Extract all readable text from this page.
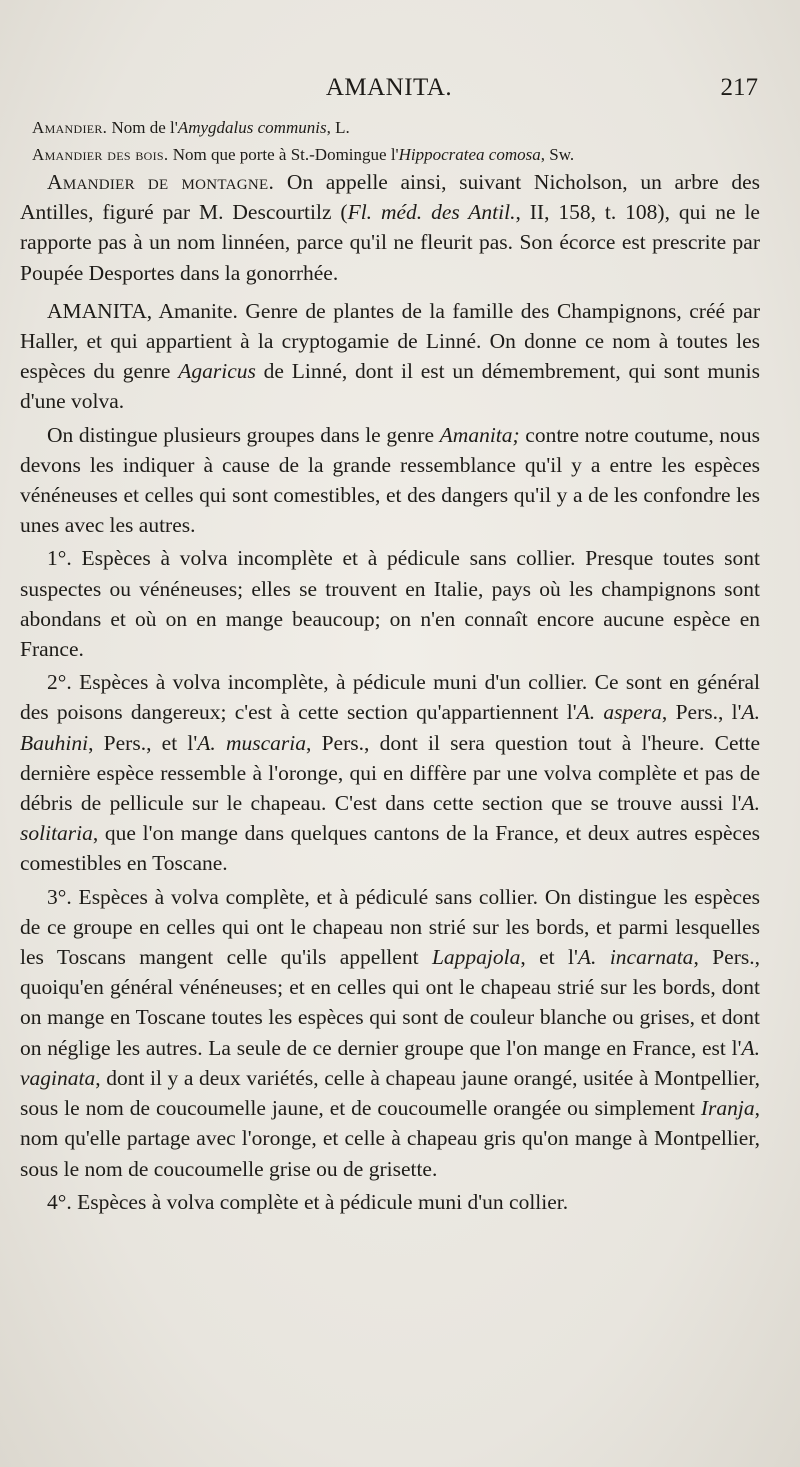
AMANITA.	217
Amandier. Nom de l'Amygdalus communis, L.
Amandier des bois. Nom que porte à St.-Domingue l'Hippocratea comosa, Sw.

Amandier de montagne. On appelle ainsi, suivant Nicholson, un arbre des Antilles, figuré par M. Descourtilz (Fl. méd. des Antil., II, 158, t. 108), qui ne le rapporte pas à un nom linnéen, parce qu'il ne fleurit pas. Son écorce est prescrite par Poupée Desportes dans la gonorrhée.

AMANITA, Amanite. Genre de plantes de la famille des Champignons, créé par Haller, et qui appartient à la cryptogamie de Linné. On donne ce nom à toutes les espèces du genre Agaricus de Linné, dont il est un démembrement, qui sont munis d'une volva.

On distingue plusieurs groupes dans le genre Amanita; contre notre coutume, nous devons les indiquer à cause de la grande ressemblance qu'il y a entre les espèces vénéneuses et celles qui sont comestibles, et des dangers qu'il y a de les confondre les unes avec les autres.

1°. Espèces à volva incomplète et à pédicule sans collier. Presque toutes sont suspectes ou vénéneuses; elles se trouvent en Italie, pays où les champignons sont abondans et où on en mange beaucoup; on n'en connaît encore aucune espèce en France.

2°. Espèces à volva incomplète, à pédicule muni d'un collier. Ce sont en général des poisons dangereux; c'est à cette section qu'appartiennent l'A. aspera, Pers., l'A. Bauhini, Pers., et l'A. muscaria, Pers., dont il sera question tout à l'heure. Cette dernière espèce ressemble à l'oronge, qui en diffère par une volva complète et pas de débris de pellicule sur le chapeau. C'est dans cette section que se trouve aussi l'A. solitaria, que l'on mange dans quelques cantons de la France, et deux autres espèces comestibles en Toscane.

3°. Espèces à volva complète, et à pédiculé sans collier. On distingue les espèces de ce groupe en celles qui ont le chapeau non strié sur les bords, et parmi lesquelles les Toscans mangent celle qu'ils appellent Lappajola, et l'A. incarnata, Pers., quoiqu'en général vénéneuses; et en celles qui ont le chapeau strié sur les bords, dont on mange en Toscane toutes les espèces qui sont de couleur blanche ou grises, et dont on néglige les autres. La seule de ce dernier groupe que l'on mange en France, est l'A. vaginata, dont il y a deux variétés, celle à chapeau jaune orangé, usitée à Montpellier, sous le nom de coucoumelle jaune, et de coucoumelle orangée ou simplement Iranja, nom qu'elle partage avec l'oronge, et celle à chapeau gris qu'on mange à Montpellier, sous le nom de coucoumelle grise ou de grisette.

4°. Espèces à volva complète et à pédicule muni d'un collier.
